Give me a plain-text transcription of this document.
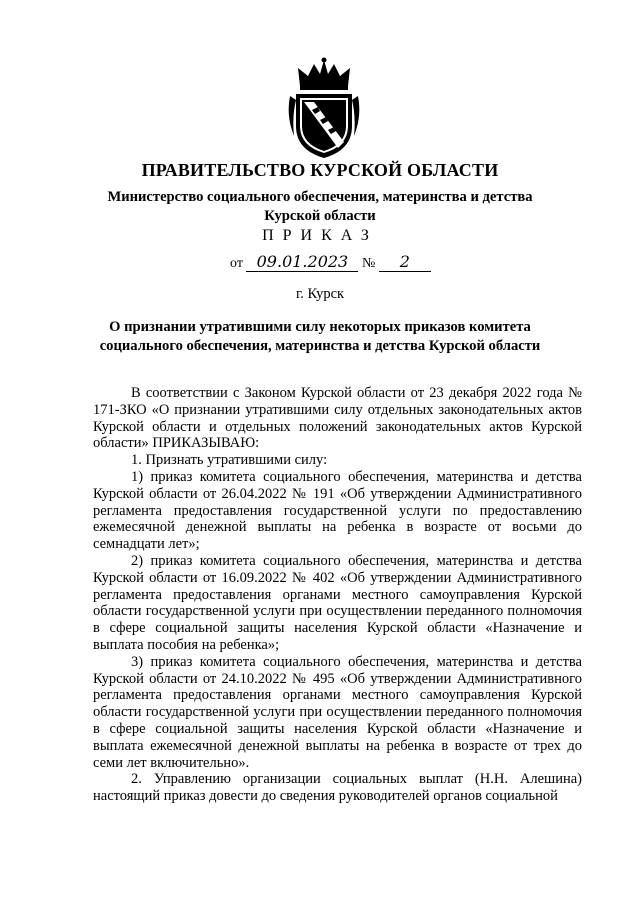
ПРАВИТЕЛЬСТВО КУРСКОЙ ОБЛАСТИ
Министерство социального обеспечения, материнства и детства
Курской области
ПРИКАЗ
от 09.01.2023 № 2
г. Курск
О признании утратившими силу некоторых приказов комитета
социального обеспечения, материнства и детства Курской области

В соответствии с Законом Курской области от 23 декабря 2022 года № 171-ЗКО «О признании утратившими силу отдельных законодательных актов Курской области и отдельных положений законодательных актов Курской области» ПРИКАЗЫВАЮ:

1. Признать утратившими силу:

1) приказ комитета социального обеспечения, материнства и детства Курской области от 26.04.2022 № 191 «Об утверждении Административного регламента предоставления государственной услуги по предоставлению ежемесячной денежной выплаты на ребенка в возрасте от восьми до семнадцати лет»;

2) приказ комитета социального обеспечения, материнства и детства Курской области от 16.09.2022 № 402 «Об утверждении Административного регламента предоставления органами местного самоуправления Курской области государственной услуги при осуществлении переданного полномочия в сфере социальной защиты населения Курской области «Назначение и выплата пособия на ребенка»;

3) приказ комитета социального обеспечения, материнства и детства Курской области от 24.10.2022 № 495 «Об утверждении Административного регламента предоставления органами местного самоуправления Курской области государственной услуги при осуществлении переданного полномочия в сфере социальной защиты населения Курской области «Назначение и выплата ежемесячной денежной выплаты на ребенка в возрасте от трех до семи лет включительно».

2. Управлению организации социальных выплат (Н.Н. Алешина) настоящий приказ довести до сведения руководителей органов социальной
